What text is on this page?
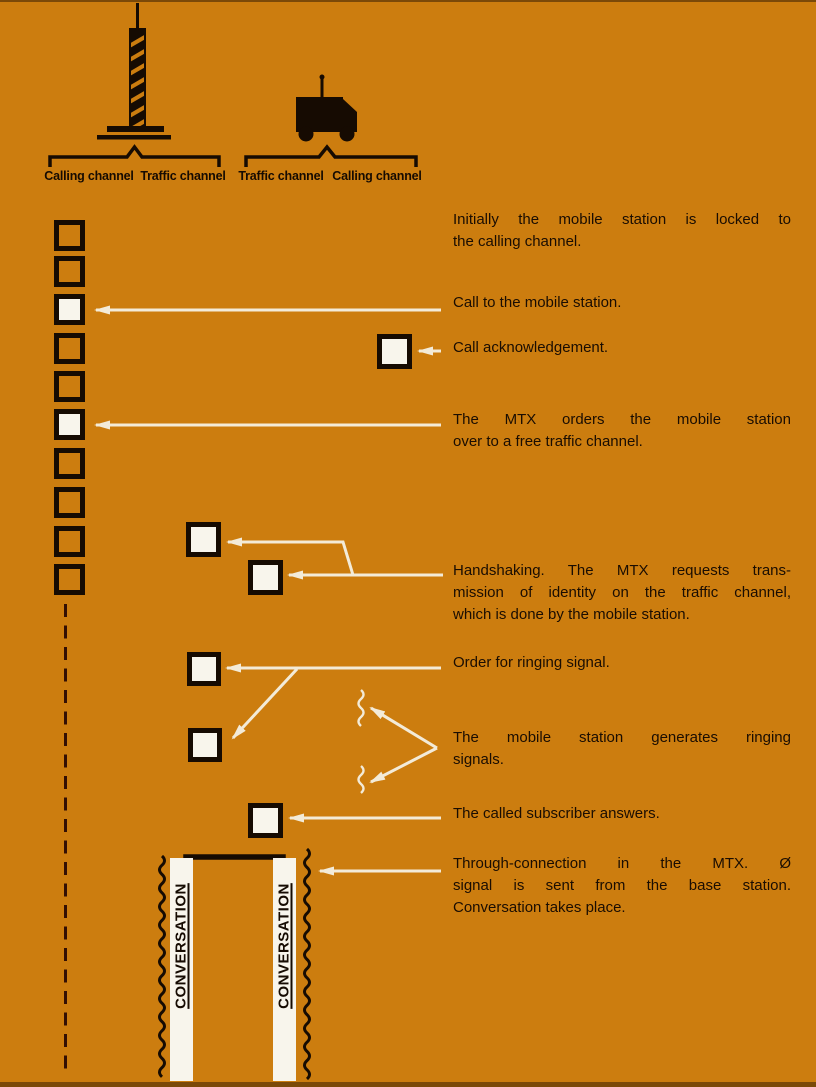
Calling channel Traffic channel Traffic channel Calling channel
Initially the mobile station is locked to
the calling channel.
Call to the mobile station.
Call acknowledgement.
The MTX orders the mobile station
over to a free traffic channel.
Handshaking. The MTX requests trans-
mission of identity on the traffic channel,
which is done by the mobile station.
Order for ringing signal.
The mobile station generates ringing
signals.
The called subscriber answers.
Through-connection in the MTX. Ø
signal is sent from the base station.
Conversation takes place.
CONVERSATION	CONVERSATION
